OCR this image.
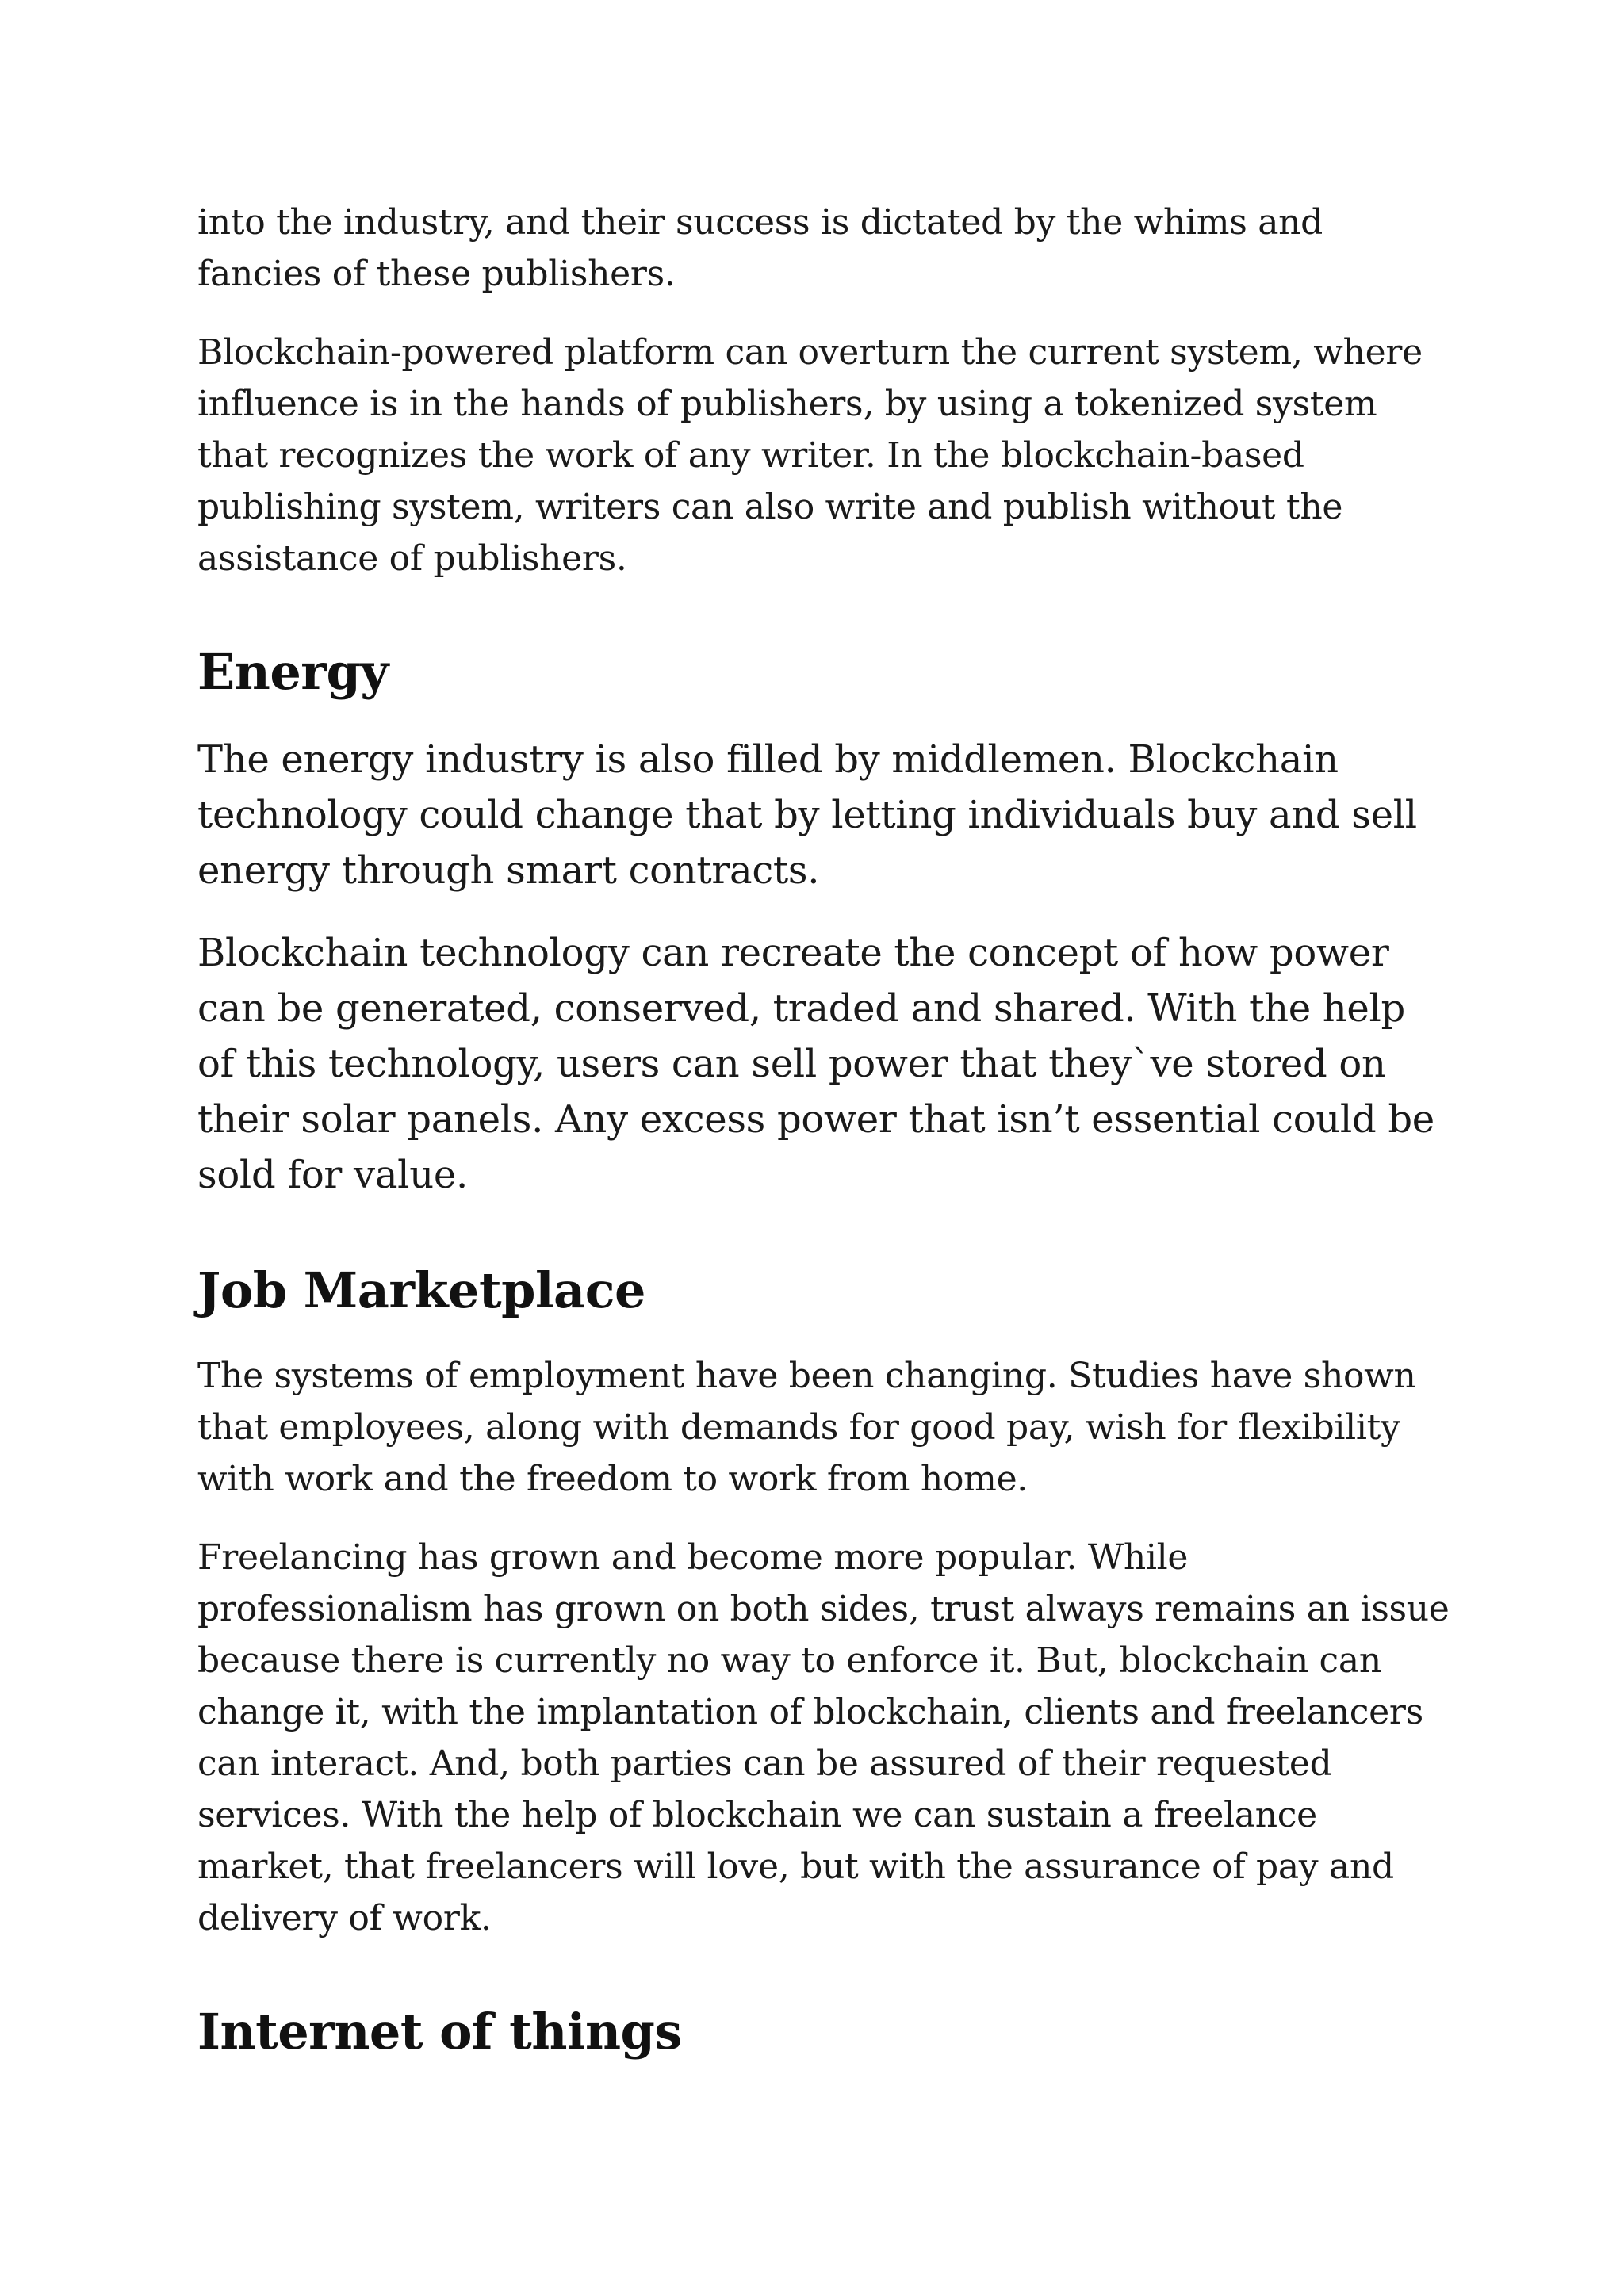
into the industry, and their success is dictated by the whims and fancies of these publishers.

Blockchain-powered platform can overturn the current system, where influence is in the hands of publishers, by using a tokenized system that recognizes the work of any writer. In the blockchain-based publishing system, writers can also write and publish without the assistance of publishers.

Energy

The energy industry is also filled by middlemen. Blockchain technology could change that by letting individuals buy and sell energy through smart contracts.

Blockchain technology can recreate the concept of how power can be generated, conserved, traded and shared. With the help of this technology, users can sell power that they`ve stored on their solar panels. Any excess power that isn’t essential could be sold for value.

Job Marketplace

The systems of employment have been changing. Studies have shown that employees, along with demands for good pay, wish for flexibility with work and the freedom to work from home.

Freelancing has grown and become more popular. While professionalism has grown on both sides, trust always remains an issue because there is currently no way to enforce it. But, blockchain can change it, with the implantation of blockchain, clients and freelancers can interact. And, both parties can be assured of their requested services. With the help of blockchain we can sustain a freelance market, that freelancers will love, but with the assurance of pay and delivery of work.

Internet of things
